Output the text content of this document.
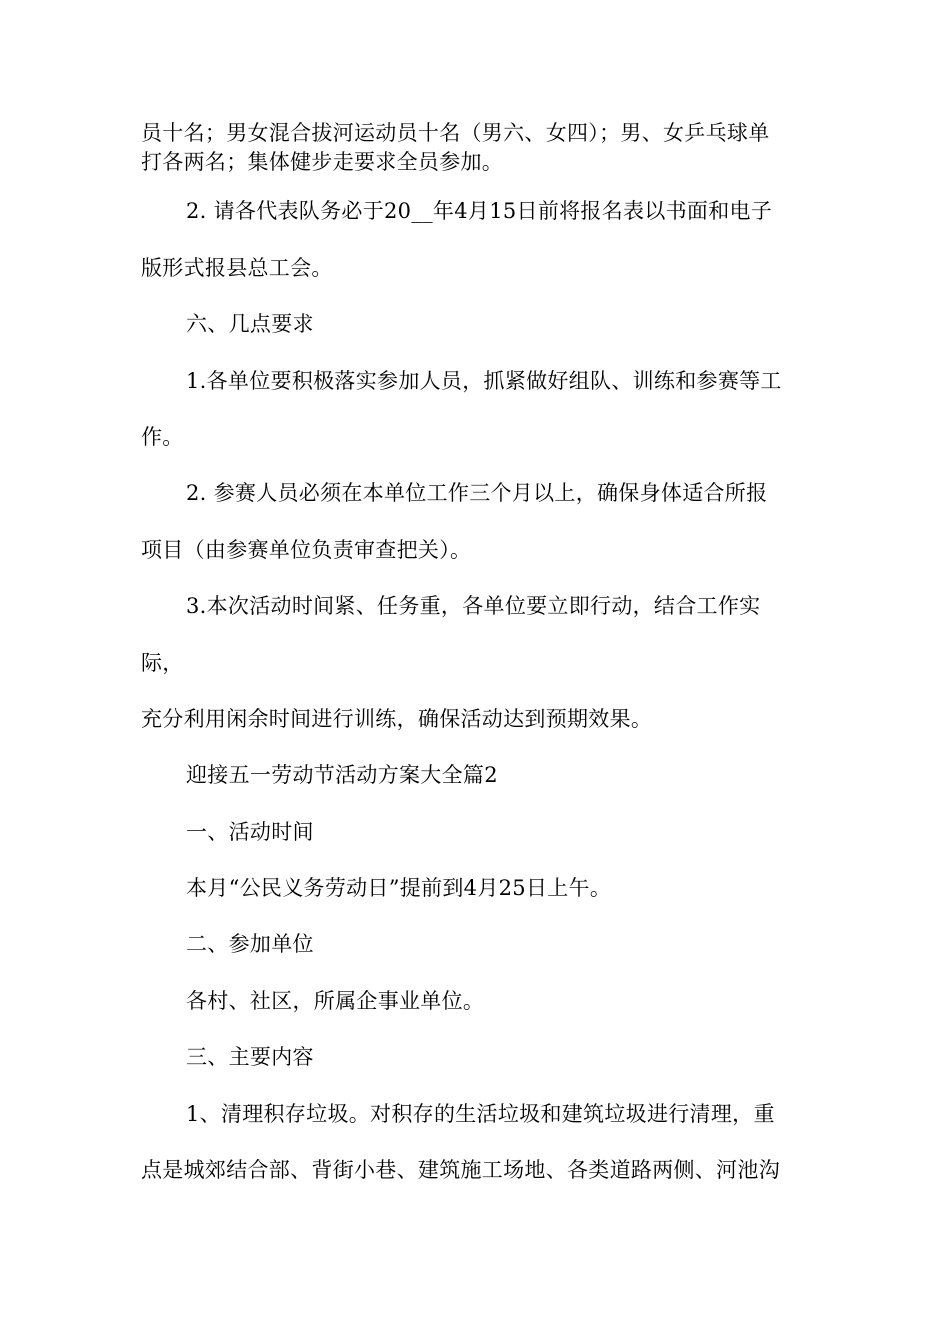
员十名；男女混合拔河运动员十名（男六、女四）；男、女乒乓球单
打各两名；集体健步走要求全员参加。
2. 请各代表队务必于20__年4月15日前将报名表以书面和电子
版形式报县总工会。
六、几点要求
1.各单位要积极落实参加人员，抓紧做好组队、训练和参赛等工
作。
2. 参赛人员必须在本单位工作三个月以上，确保身体适合所报
项目（由参赛单位负责审查把关）。
3.本次活动时间紧、任务重，各单位要立即行动，结合工作实
际，
充分利用闲余时间进行训练，确保活动达到预期效果。
迎接五一劳动节活动方案大全篇2
一、活动时间
本月“公民义务劳动日”提前到4月25日上午。
二、参加单位
各村、社区，所属企事业单位。
三、主要内容
1、清理积存垃圾。对积存的生活垃圾和建筑垃圾进行清理，重
点是城郊结合部、背街小巷、建筑施工场地、各类道路两侧、河池沟
